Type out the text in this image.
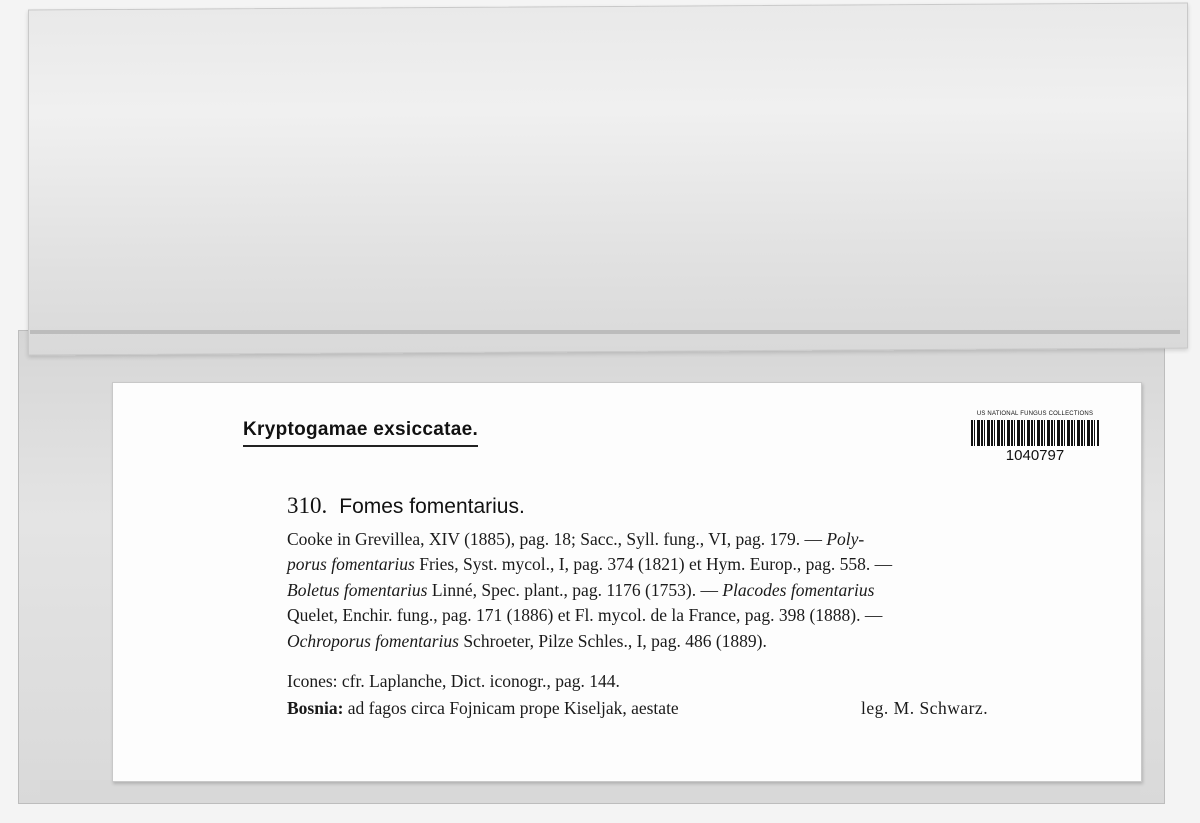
Kryptogamae exsiccatae.
US NATIONAL FUNGUS COLLECTIONS
1040797
310. Fomes fomentarius.
Cooke in Grevillea, XIV (1885), pag. 18; Sacc., Syll. fung., VI, pag. 179. — Poly-
porus fomentarius Fries, Syst. mycol., I, pag. 374 (1821) et Hym. Europ., pag. 558. —
Boletus fomentarius Linné, Spec. plant., pag. 1176 (1753). — Placodes fomentarius
Quelet, Enchir. fung., pag. 171 (1886) et Fl. mycol. de la France, pag. 398 (1888). —
Ochroporus fomentarius Schroeter, Pilze Schles., I, pag. 486 (1889).
Icones: cfr. Laplanche, Dict. iconogr., pag. 144.
Bosnia: ad fagos circa Fojnicam prope Kiseljak, aestate	leg. M. Schwarz.
